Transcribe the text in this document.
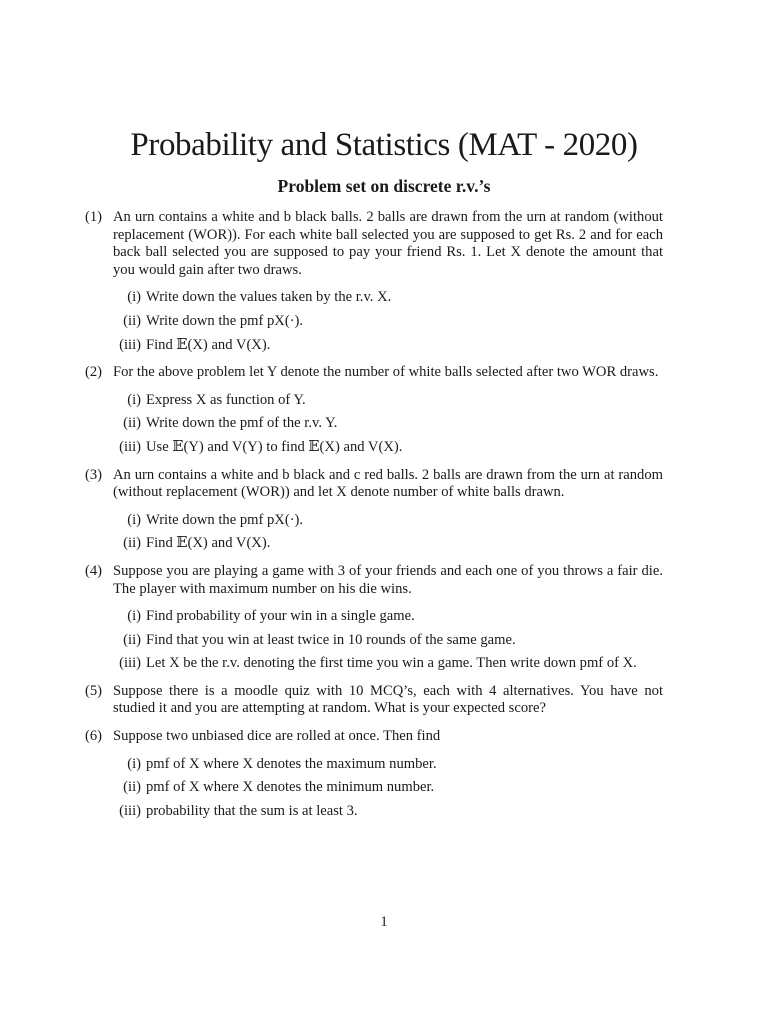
Probability and Statistics (MAT - 2020)
Problem set on discrete r.v.’s
(1) An urn contains a white and b black balls. 2 balls are drawn from the urn at random (without replacement (WOR)). For each white ball selected you are supposed to get Rs. 2 and for each back ball selected you are supposed to pay your friend Rs. 1. Let X denote the amount that you would gain after two draws.
(i) Write down the values taken by the r.v. X.
(ii) Write down the pmf pX(·).
(iii) Find 𝔼(X) and V(X).
(2) For the above problem let Y denote the number of white balls selected after two WOR draws.
(i) Express X as function of Y.
(ii) Write down the pmf of the r.v. Y.
(iii) Use 𝔼(Y) and V(Y) to find 𝔼(X) and V(X).
(3) An urn contains a white and b black and c red balls. 2 balls are drawn from the urn at random (without replacement (WOR)) and let X denote number of white balls drawn.
(i) Write down the pmf pX(·).
(ii) Find 𝔼(X) and V(X).
(4) Suppose you are playing a game with 3 of your friends and each one of you throws a fair die. The player with maximum number on his die wins.
(i) Find probability of your win in a single game.
(ii) Find that you win at least twice in 10 rounds of the same game.
(iii) Let X be the r.v. denoting the first time you win a game. Then write down pmf of X.
(5) Suppose there is a moodle quiz with 10 MCQ’s, each with 4 alternatives. You have not studied it and you are attempting at random. What is your expected score?
(6) Suppose two unbiased dice are rolled at once. Then find
(i) pmf of X where X denotes the maximum number.
(ii) pmf of X where X denotes the minimum number.
(iii) probability that the sum is at least 3.
1
